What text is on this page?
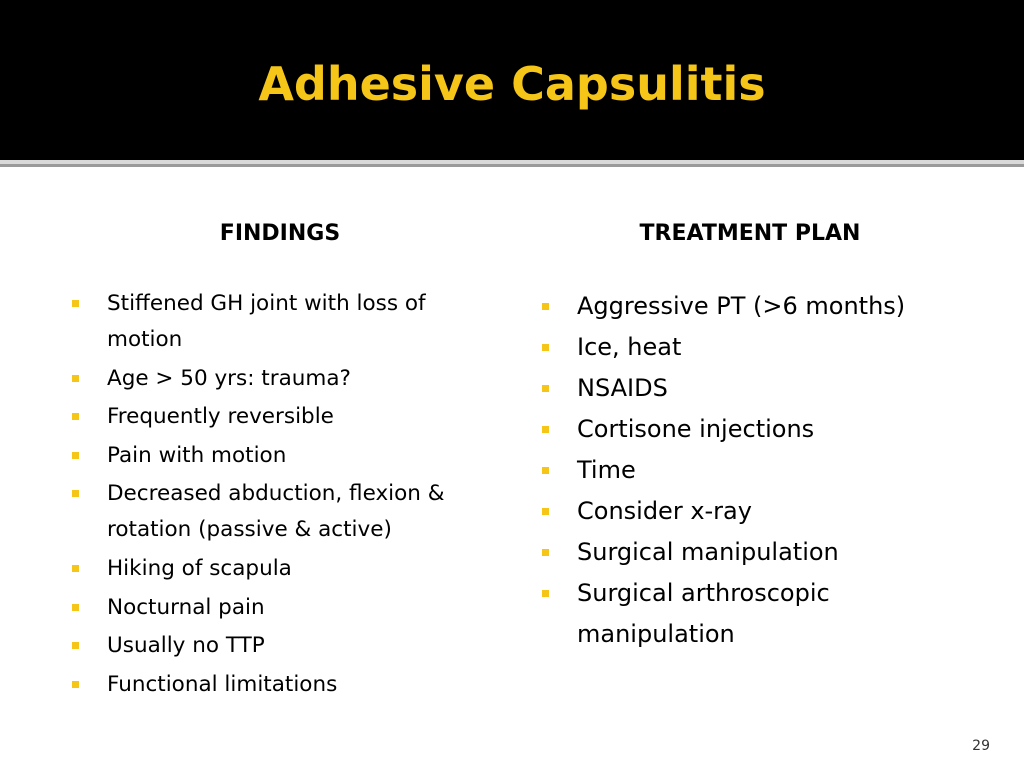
Adhesive Capsulitis
FINDINGS	TREATMENT PLAN
Stiffened GH joint with loss of motion
Age > 50 yrs: trauma?
Frequently reversible
Pain with motion
Decreased abduction, flexion & rotation (passive & active)
Hiking of scapula
Nocturnal pain
Usually no TTP
Functional limitations
Aggressive PT (>6 months)
Ice, heat
NSAIDS
Cortisone injections
Time
Consider x-ray
Surgical manipulation
Surgical arthroscopic manipulation
29
